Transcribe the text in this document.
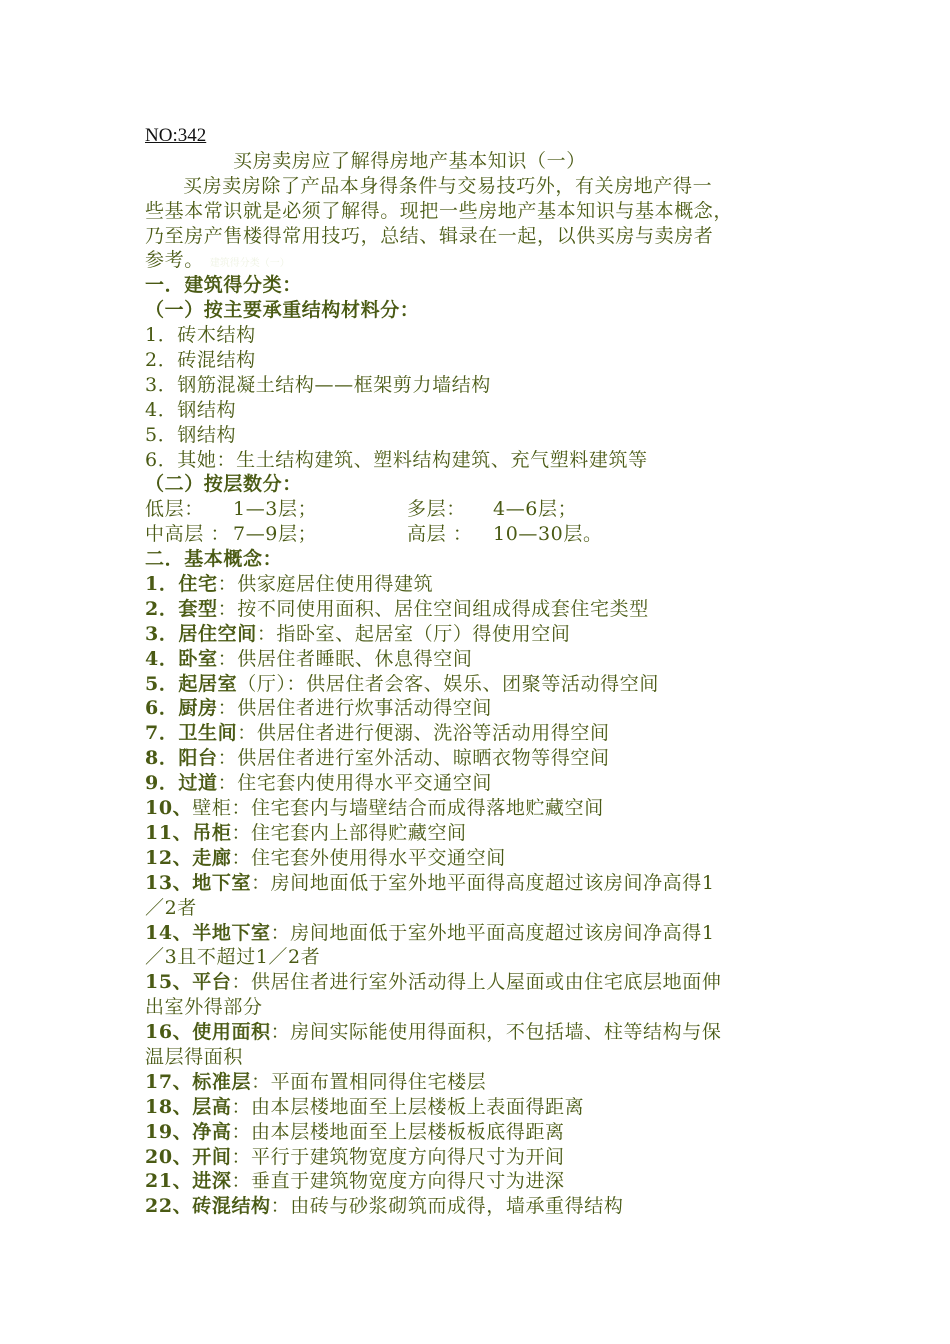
NO:342
买房卖房应了解得房地产基本知识（一）
买房卖房除了产品本身得条件与交易技巧外，有关房地产得一
些基本常识就是必须了解得。现把一些房地产基本知识与基本概念，
乃至房产售楼得常用技巧，总结、辑录在一起，以供买房与卖房者
参考。 建筑得分类（一）
一．建筑得分类：
（一）按主要承重结构材料分：
1．砖木结构
2．砖混结构
3．钢筋混凝土结构——框架剪力墙结构
4．钢结构
5．钢结构
6．其她：生土结构建筑、塑料结构建筑、充气塑料建筑等
（二）按层数分：
低层： 1—3层；	多层： 4—6层；
中高层 ： 7—9层；	高层 ： 10—30层。
二．基本概念：
1．住宅：供家庭居住使用得建筑
2．套型：按不同使用面积、居住空间组成得成套住宅类型
3．居住空间：指卧室、起居室（厅）得使用空间
4．卧室：供居住者睡眠、休息得空间
5．起居室（厅）：供居住者会客、娱乐、团聚等活动得空间
6．厨房：供居住者进行炊事活动得空间
7．卫生间：供居住者进行便溺、洗浴等活动用得空间
8．阳台：供居住者进行室外活动、晾晒衣物等得空间
9．过道：住宅套内使用得水平交通空间
10、壁柜：住宅套内与墙壁结合而成得落地贮藏空间
11、吊柜：住宅套内上部得贮藏空间
12、走廊：住宅套外使用得水平交通空间
13、地下室：房间地面低于室外地平面得高度超过该房间净高得1
／2者
14、半地下室：房间地面低于室外地平面高度超过该房间净高得1
／3且不超过1／2者
15、平台：供居住者进行室外活动得上人屋面或由住宅底层地面伸
出室外得部分
16、使用面积：房间实际能使用得面积，不包括墙、柱等结构与保
温层得面积
17、标准层：平面布置相同得住宅楼层
18、层高：由本层楼地面至上层楼板上表面得距离
19、净高：由本层楼地面至上层楼板板底得距离
20、开间：平行于建筑物宽度方向得尺寸为开间
21、进深：垂直于建筑物宽度方向得尺寸为进深
22、砖混结构：由砖与砂浆砌筑而成得，墙承重得结构
